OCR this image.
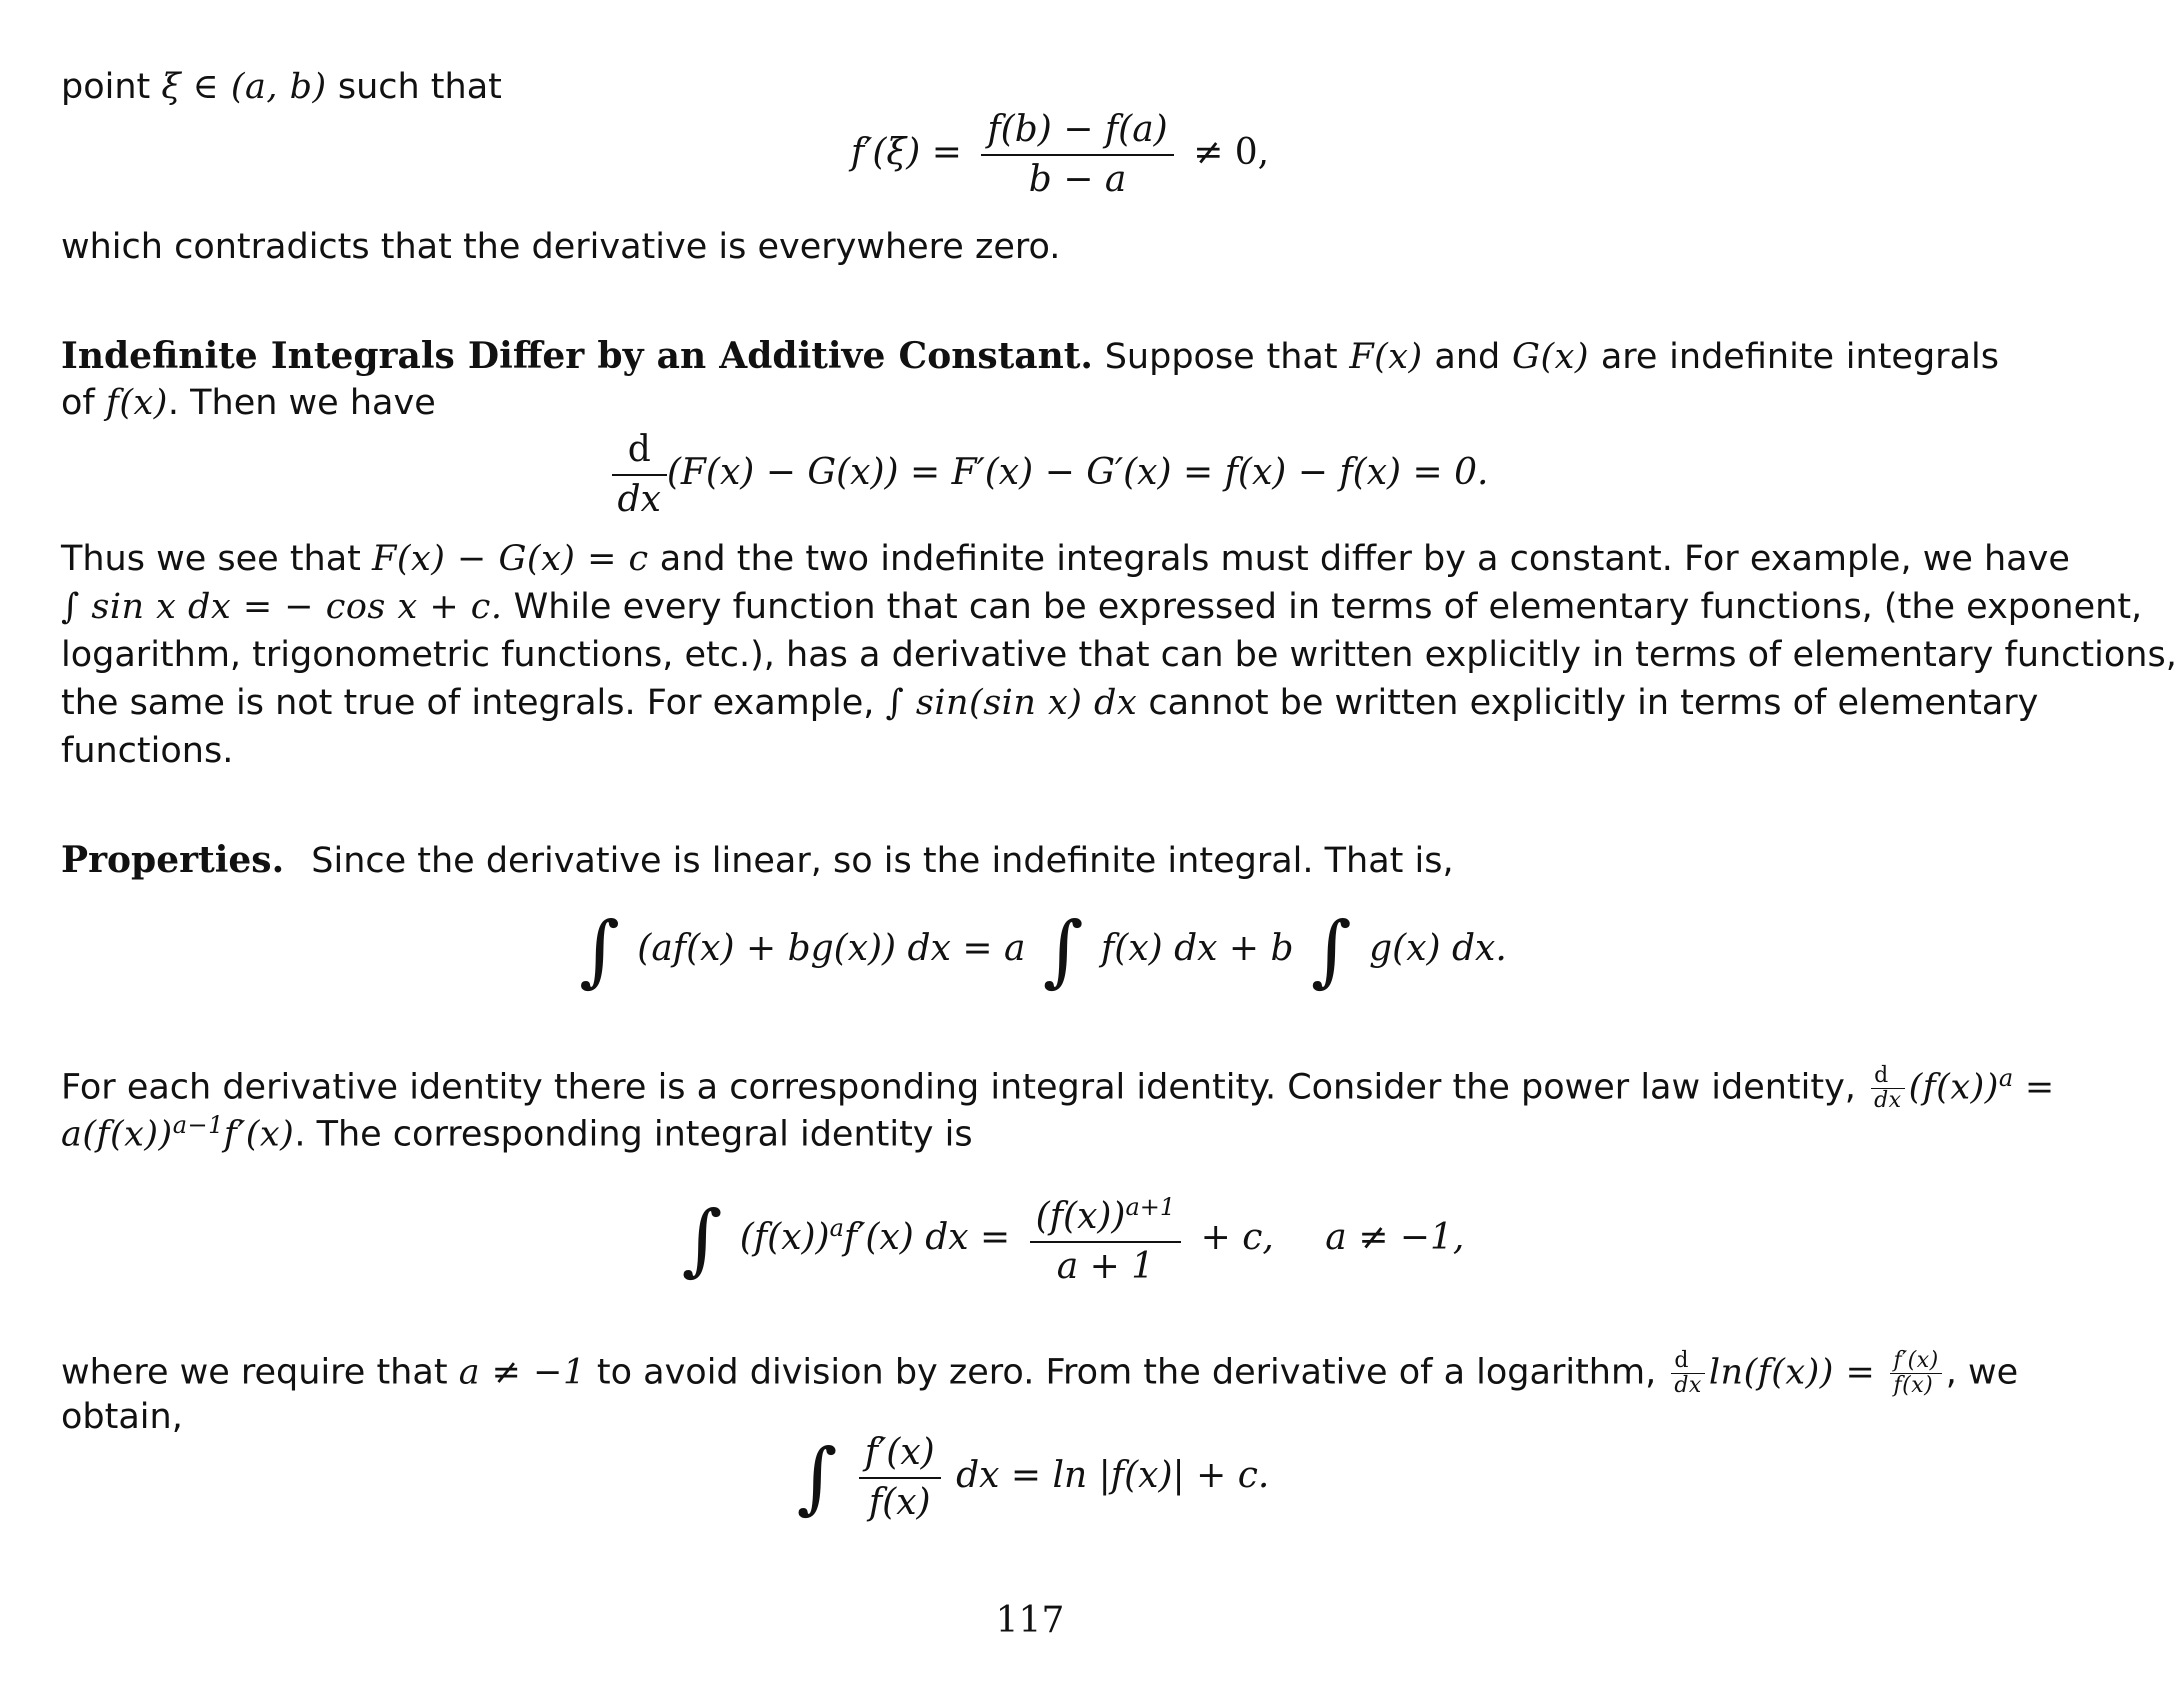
point ξ ∈ (a, b) such that
$f'(\xi) = \frac{f(b) - f(a)}{b - a} \ne 0$,
which contradicts that the derivative is everywhere zero.
Indefinite Integrals Differ by an Additive Constant. Suppose that F(x) and G(x) are indefinite integrals
of f(x). Then we have
$\frac{d}{dx} (F(x) - G(x)) = F'(x) - G'(x) = f(x) - f(x) = 0$.
Thus we see that F(x) − G(x) = c and the two indefinite integrals must differ by a constant. For example, we have
∫ sin x dx = − cos x + c. While every function that can be expressed in terms of elementary functions, (the exponent,
logarithm, trigonometric functions, etc.), has a derivative that can be written explicitly in terms of elementary functions,
the same is not true of integrals. For example, ∫ sin(sin x) dx cannot be written explicitly in terms of elementary
functions.
Properties. Since the derivative is linear, so is the indefinite integral. That is,
∫ (af(x) + bg(x)) dx = a ∫ f(x) dx + b ∫ g(x) dx.
For each derivative identity there is a corresponding integral identity. Consider the power law identity, $\frac{d}{dx} (f(x))^a$ =
$a(f(x))^{a-1}f'(x)$. The corresponding integral identity is
∫ $(f(x))^af'(x)$ dx = $\frac{(f(x))^{a+1}}{a + 1} + c$, a ≠ −1,
where we require that a ≠ −1 to avoid division by zero. From the derivative of a logarithm, $\frac{d}{dx} \ln(f(x)) = \frac{f'(x)}{f(x)}$ , we
obtain,
∫ $\frac{f'(x)}{f(x)}$ dx = ln |f(x)| + c.
117
